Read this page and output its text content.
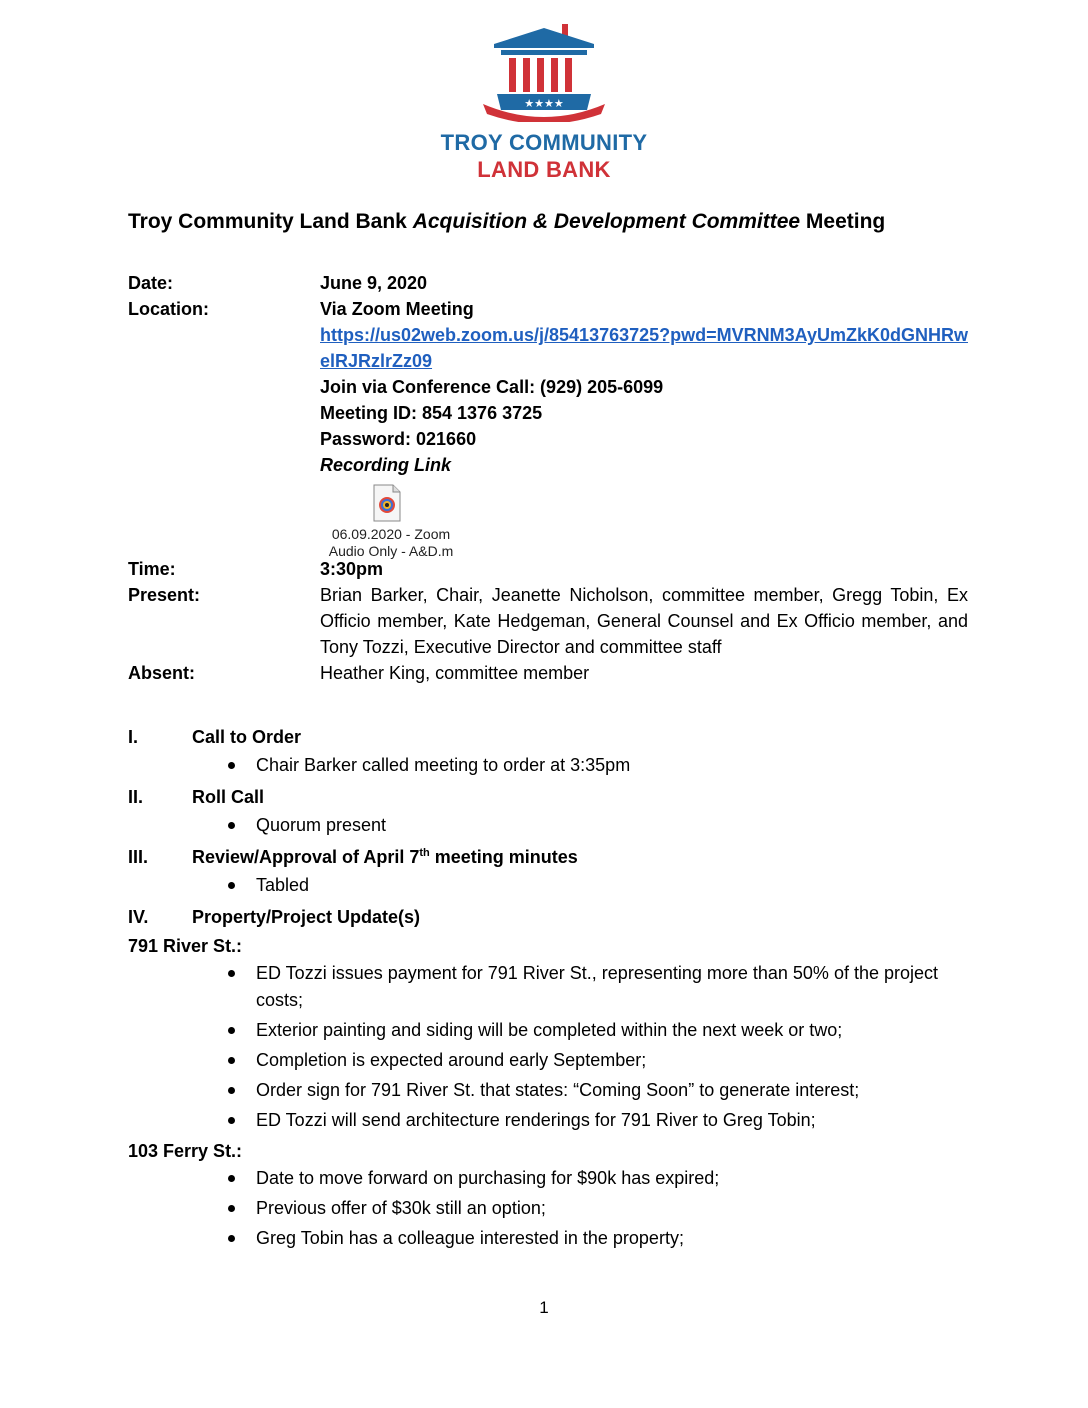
★★★★
TROY COMMUNITY
LAND BANK
Troy Community Land Bank Acquisition & Development Committee Meeting
Date:	June 9, 2020
Location:	Via Zoom Meeting
https://us02web.zoom.us/j/85413763725?pwd=MVRNM3AyUmZkK0dGNHRwelRJRzlrZz09
Join via Conference Call: (929) 205-6099
Meeting ID: 854 1376 3725
Password: 021660
Recording Link
06.09.2020 - Zoom
Audio Only - A&D.m
Time:	3:30pm
Present:	Brian Barker, Chair, Jeanette Nicholson, committee member, Gregg Tobin, Ex Officio member, Kate Hedgeman, General Counsel and Ex Officio member, and Tony Tozzi, Executive Director and committee staff
Absent:	Heather King, committee member
I.	Call to Order
Chair Barker called meeting to order at 3:35pm
II.	Roll Call
Quorum present
III.	Review/Approval of April 7th meeting minutes
Tabled
IV.	Property/Project Update(s)
791 River St.:
ED Tozzi issues payment for 791 River St., representing more than 50% of the project costs;
Exterior painting and siding will be completed within the next week or two;
Completion is expected around early September;
Order sign for 791 River St. that states: “Coming Soon” to generate interest;
ED Tozzi will send architecture renderings for 791 River to Greg Tobin;
103 Ferry St.:
Date to move forward on purchasing for $90k has expired;
Previous offer of $30k still an option;
Greg Tobin has a colleague interested in the property;
1
